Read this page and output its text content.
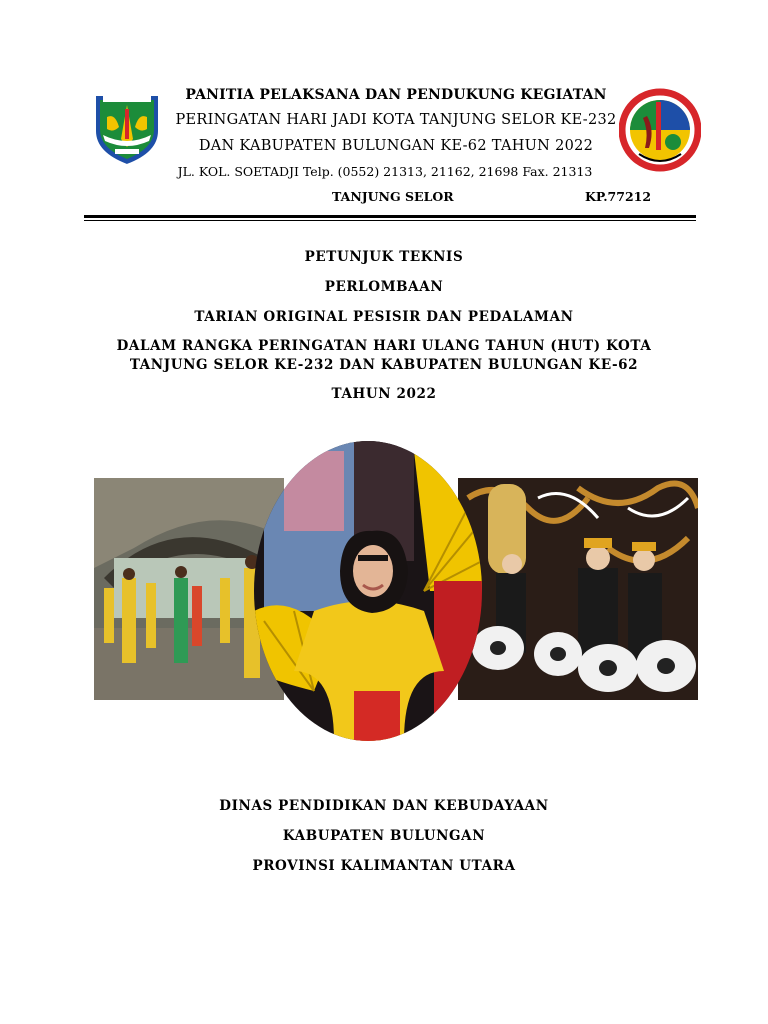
PANITIA PELAKSANA DAN PENDUKUNG KEGIATAN
PERINGATAN HARI JADI KOTA TANJUNG SELOR KE-232
DAN KABUPATEN BULUNGAN KE-62 TAHUN 2022
JL. KOL. SOETADJI Telp. (0552) 21313, 21162, 21698 Fax. 21313
TANJUNG SELOR	KP.77212
PETUNJUK TEKNIS
PERLOMBAAN
TARIAN ORIGINAL PESISIR DAN PEDALAMAN
DALAM RANGKA PERINGATAN HARI ULANG TAHUN (HUT) KOTA
TANJUNG SELOR KE-232 DAN KABUPATEN BULUNGAN KE-62
TAHUN 2022
DINAS PENDIDIKAN DAN KEBUDAYAAN
KABUPATEN BULUNGAN
PROVINSI KALIMANTAN UTARA
